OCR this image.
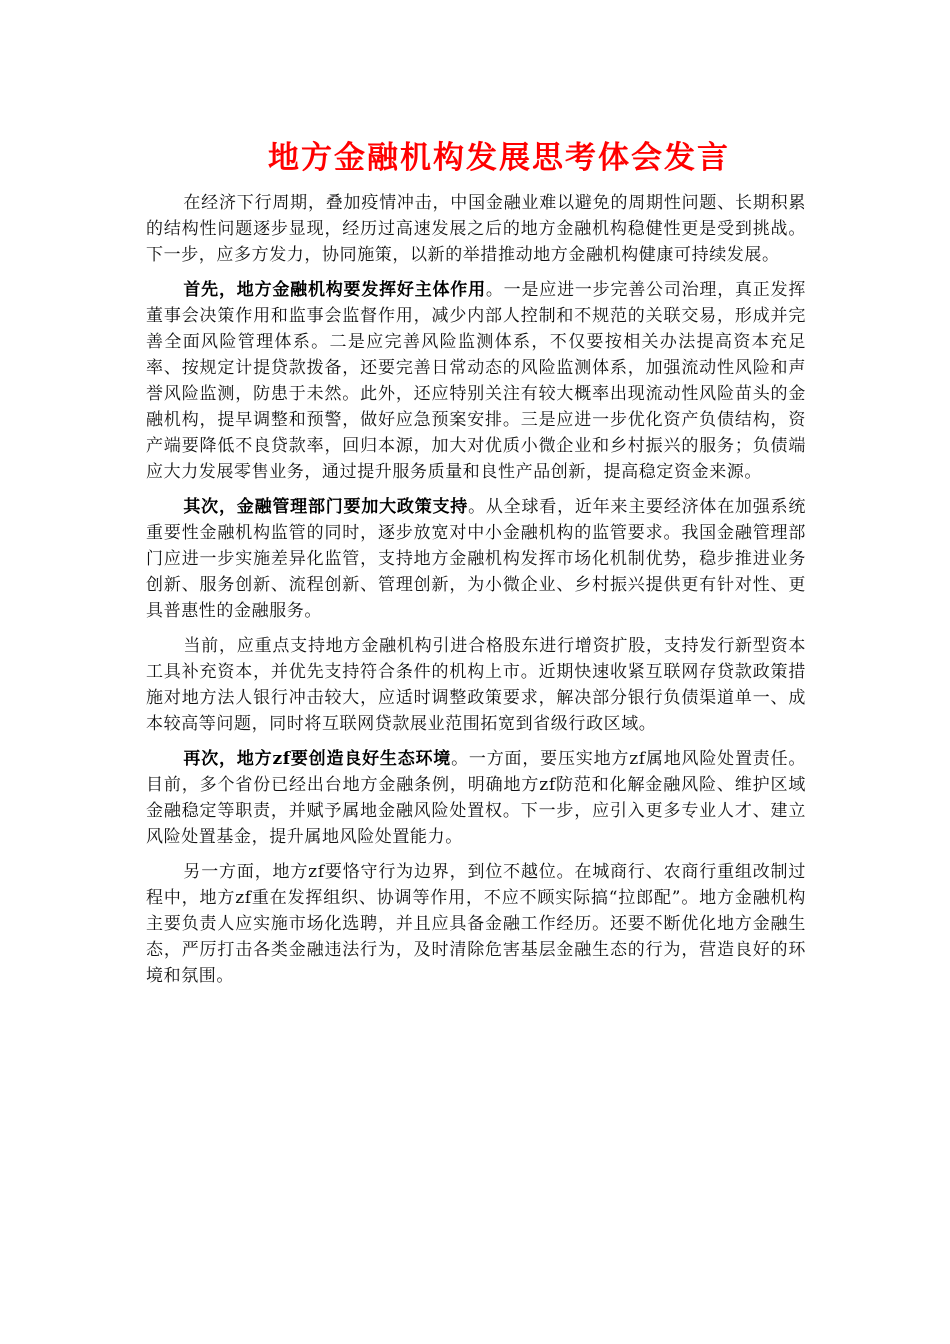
地方金融机构发展思考体会发言

在经济下行周期，叠加疫情冲击，中国金融业难以避免的周期性问题、长期积累的结构性问题逐步显现，经历过高速发展之后的地方金融机构稳健性更是受到挑战。下一步，应多方发力，协同施策，以新的举措推动地方金融机构健康可持续发展。

首先，地方金融机构要发挥好主体作用。一是应进一步完善公司治理，真正发挥董事会决策作用和监事会监督作用，减少内部人控制和不规范的关联交易，形成并完善全面风险管理体系。二是应完善风险监测体系，不仅要按相关办法提高资本充足率、按规定计提贷款拨备，还要完善日常动态的风险监测体系，加强流动性风险和声誉风险监测，防患于未然。此外，还应特别关注有较大概率出现流动性风险苗头的金融机构，提早调整和预警，做好应急预案安排。三是应进一步优化资产负债结构，资产端要降低不良贷款率，回归本源，加大对优质小微企业和乡村振兴的服务；负债端应大力发展零售业务，通过提升服务质量和良性产品创新，提高稳定资金来源。

其次，金融管理部门要加大政策支持。从全球看，近年来主要经济体在加强系统重要性金融机构监管的同时，逐步放宽对中小金融机构的监管要求。我国金融管理部门应进一步实施差异化监管，支持地方金融机构发挥市场化机制优势，稳步推进业务创新、服务创新、流程创新、管理创新，为小微企业、乡村振兴提供更有针对性、更具普惠性的金融服务。

当前，应重点支持地方金融机构引进合格股东进行增资扩股，支持发行新型资本工具补充资本，并优先支持符合条件的机构上市。近期快速收紧互联网存贷款政策措施对地方法人银行冲击较大，应适时调整政策要求，解决部分银行负债渠道单一、成本较高等问题，同时将互联网贷款展业范围拓宽到省级行政区域。

再次，地方zf要创造良好生态环境。一方面，要压实地方zf属地风险处置责任。目前，多个省份已经出台地方金融条例，明确地方zf防范和化解金融风险、维护区域金融稳定等职责，并赋予属地金融风险处置权。下一步，应引入更多专业人才、建立风险处置基金，提升属地风险处置能力。

另一方面，地方zf要恪守行为边界，到位不越位。在城商行、农商行重组改制过程中，地方zf重在发挥组织、协调等作用，不应不顾实际搞“拉郎配”。地方金融机构主要负责人应实施市场化选聘，并且应具备金融工作经历。还要不断优化地方金融生态，严厉打击各类金融违法行为，及时清除危害基层金融生态的行为，营造良好的环境和氛围。
